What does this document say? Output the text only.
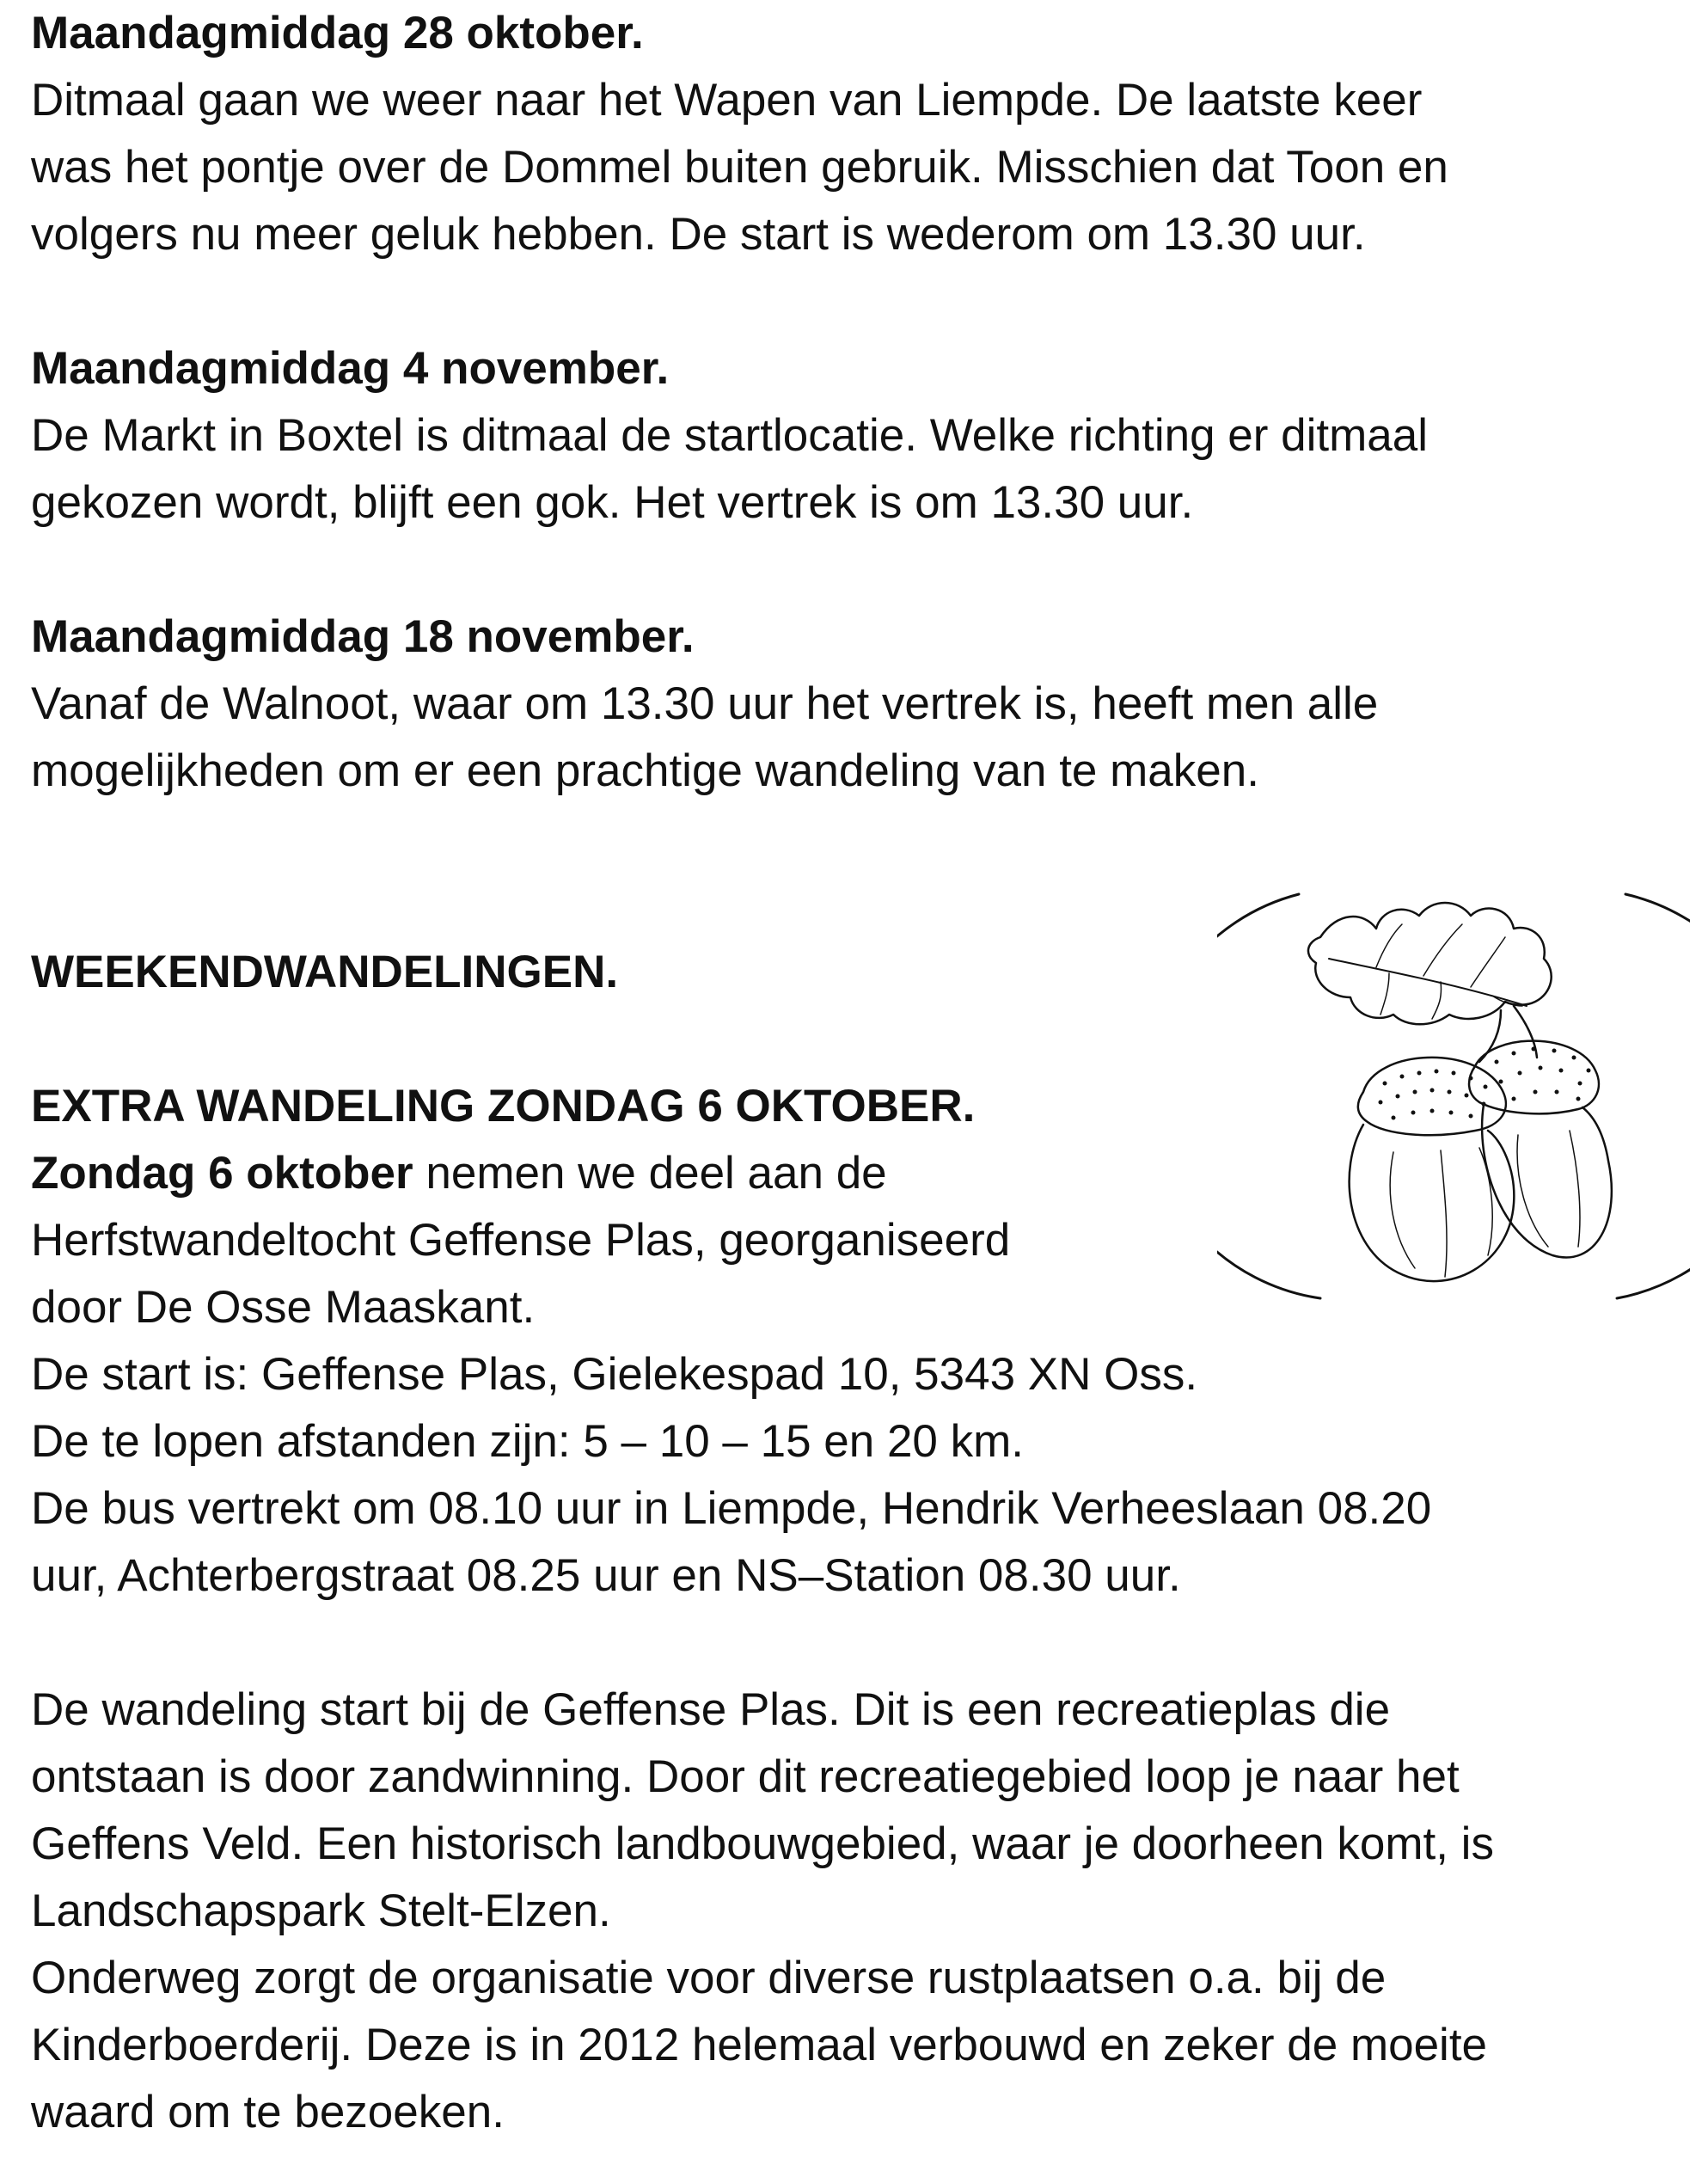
Maandagmiddag 28 oktober.
Ditmaal gaan we weer naar het Wapen van Liempde. De laatste keer
was het pontje over de Dommel buiten gebruik. Misschien dat Toon en
volgers nu meer geluk hebben. De start is wederom om 13.30 uur.
Maandagmiddag 4 november.
De Markt in Boxtel is ditmaal de startlocatie. Welke richting er ditmaal
gekozen wordt, blijft een gok. Het vertrek is om 13.30 uur.
Maandagmiddag 18 november.
Vanaf de Walnoot, waar om 13.30 uur het vertrek is, heeft men alle
mogelijkheden om er een prachtige wandeling van te maken.
WEEKENDWANDELINGEN.
EXTRA WANDELING ZONDAG 6 OKTOBER.
Zondag 6 oktober nemen we deel aan de
Herfstwandeltocht Geffense Plas, georganiseerd
door De Osse Maaskant.
De start is: Geffense Plas, Gielekespad 10, 5343 XN Oss.
De te lopen afstanden zijn: 5 – 10 – 15 en 20 km.
De bus vertrekt om 08.10 uur in Liempde, Hendrik Verheeslaan 08.20
uur, Achterbergstraat 08.25 uur en NS–Station 08.30 uur.
De wandeling start bij de Geffense Plas. Dit is een recreatieplas die
ontstaan is door zandwinning. Door dit recreatiegebied loop je naar het
Geffens Veld. Een historisch landbouwgebied, waar je doorheen komt, is
Landschapspark Stelt-Elzen.
Onderweg zorgt de organisatie voor diverse rustplaatsen o.a. bij de
Kinderboerderij. Deze is in 2012 helemaal verbouwd en zeker de moeite
waard om te bezoeken.
